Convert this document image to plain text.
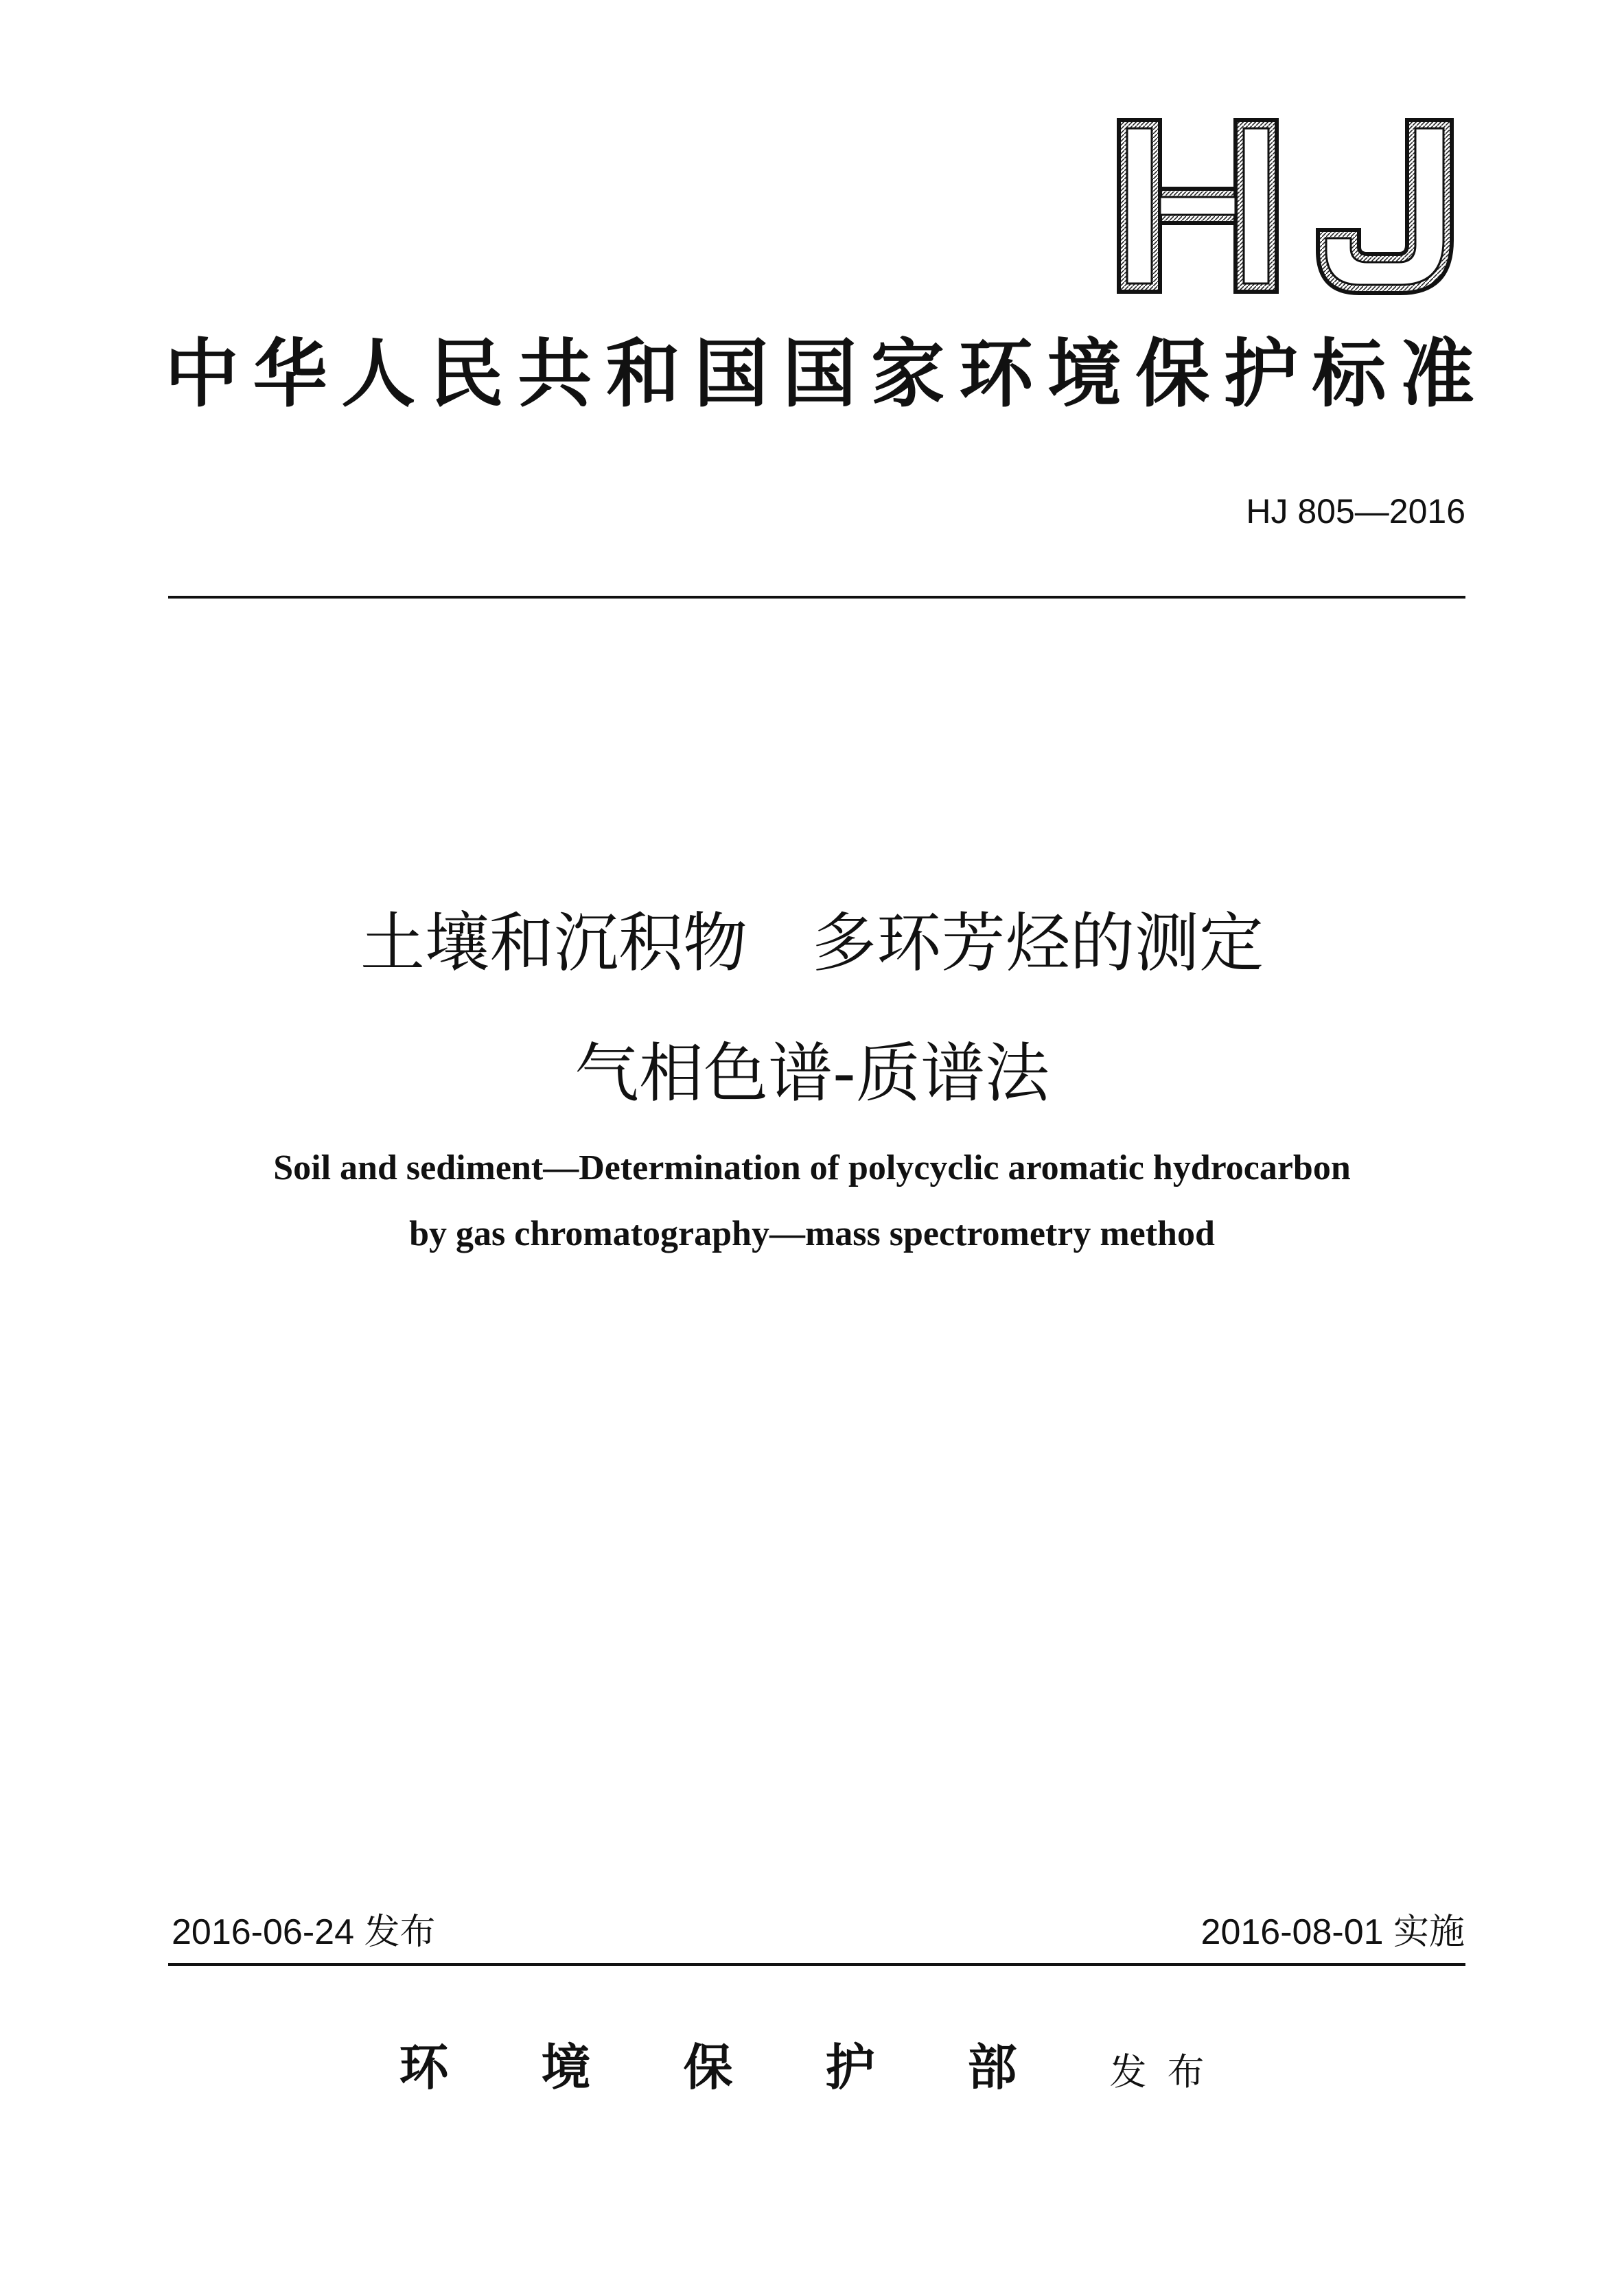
中华人民共和国国家环境保护标准
HJ 805—2016
土壤和沉积物　多环芳烃的测定
气相色谱-质谱法
Soil and sediment—Determination of polycyclic aromatic hydrocarbon
by gas chromatography—mass spectrometry method
2016-06-24 发布	2016-08-01 实施
环境保护部发布
